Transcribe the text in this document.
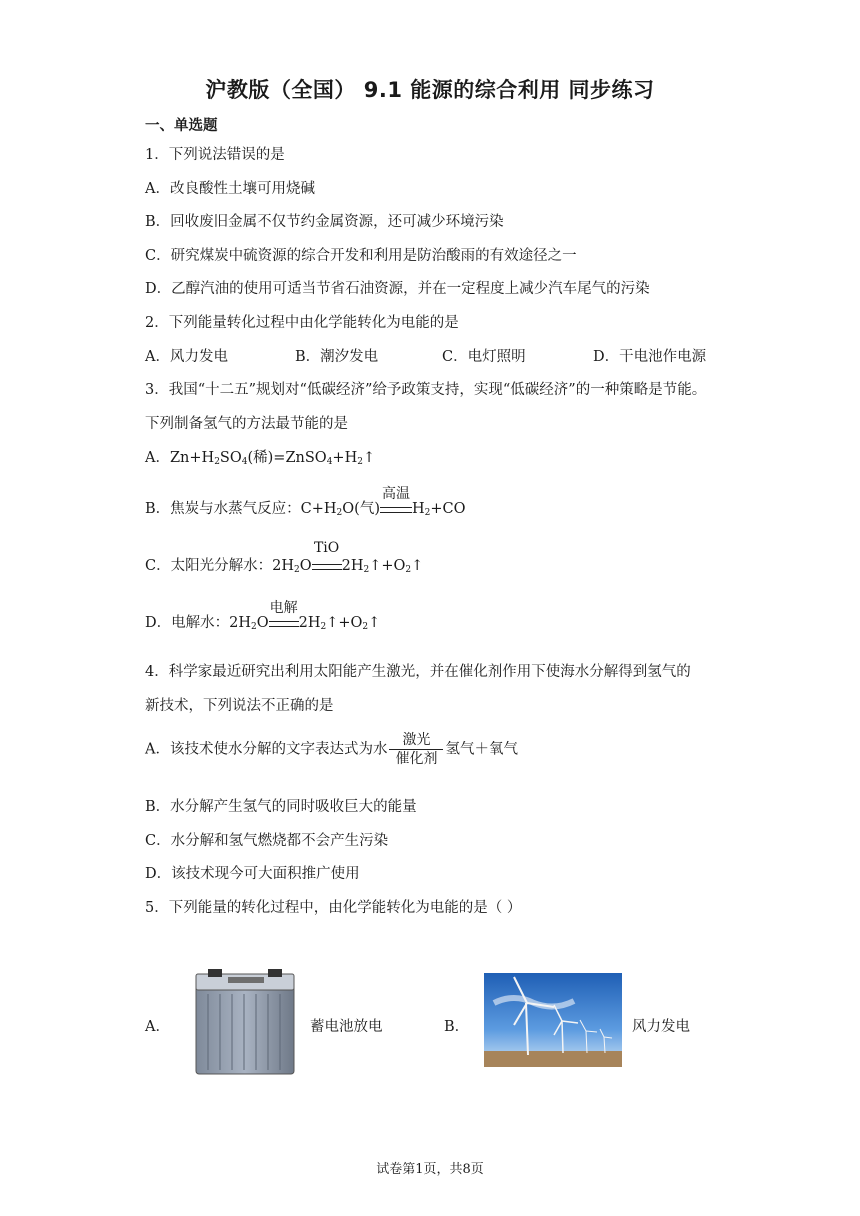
沪教版（全国） 9.1 能源的综合利用 同步练习
一、单选题
1．下列说法错误的是
A．改良酸性土壤可用烧碱
B．回收废旧金属不仅节约金属资源，还可减少环境污染
C．研究煤炭中硫资源的综合开发和利用是防治酸雨的有效途径之一
D．乙醇汽油的使用可适当节省石油资源，并在一定程度上减少汽车尾气的污染
2．下列能量转化过程中由化学能转化为电能的是
A．风力发电	B．潮汐发电	C．电灯照明	D．干电池作电源
3．我国“十二五”规划对“低碳经济”给予政策支持，实现“低碳经济”的一种策略是节能。
下列制备氢气的方法最节能的是
A．$Zn+H_2SO_4$(稀)$=ZnSO_4+H_2↑$
B．焦炭与水蒸气反应：$C+H_2O$(气)
高温
$H_2+CO$
C．太阳光分解水：$2H_2O$
TiO
$2H_2↑+O_2↑$
D．电解水：$2H_2O$
电解
$2H_2↑+O_2↑$
4．科学家最近研究出利用太阳能产生激光，并在催化剂作用下使海水分解得到氢气的
新技术，下列说法不正确的是
A．该技术使水分解的文字表达式为水 $\frac{\text{激光}}{\text{催化剂}}$ 氢气＋氧气
B．水分解产生氢气的同时吸收巨大的能量
C．水分解和氢气燃烧都不会产生污染
D．该技术现今可大面积推广使用
5．下列能量的转化过程中，由化学能转化为电能的是（ ）
A．	蓄电池放电	B．	风力发电
试卷第1页，共8页
